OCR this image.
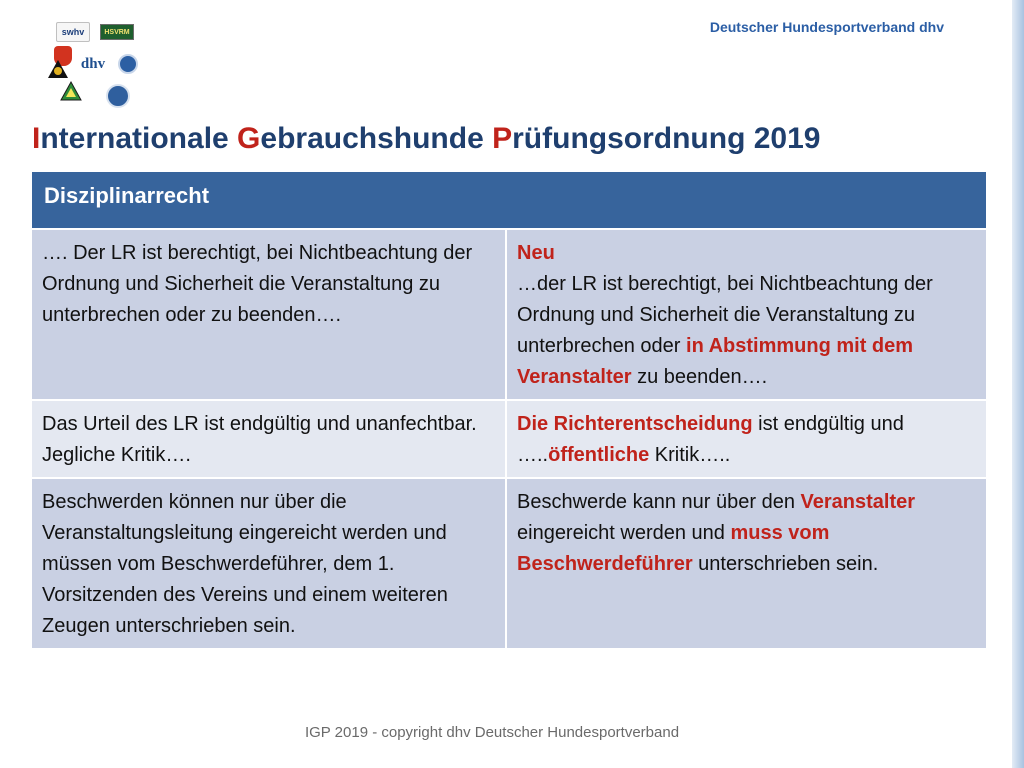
swhv	HSVRM
dhv
Deutscher Hundesportverband dhv
Internationale Gebrauchshunde Prüfungsordnung 2019
Disziplinarrecht
…. Der LR ist berechtigt, bei Nichtbeachtung der Ordnung und Sicherheit die Veranstaltung zu unterbrechen oder zu beenden….
Neu
…der LR ist berechtigt, bei Nichtbeachtung der Ordnung und Sicherheit die Veranstaltung zu unterbrechen oder in Abstimmung mit dem Veranstalter zu beenden….
Das Urteil des LR ist endgültig und unanfechtbar. Jegliche Kritik….
Die Richterentscheidung ist endgültig und …..öffentliche Kritik…..
Beschwerden können nur über die Veranstaltungsleitung eingereicht werden und müssen vom Beschwerdeführer, dem 1. Vorsitzenden des Vereins und einem weiteren Zeugen unterschrieben sein.
Beschwerde kann nur über den Veranstalter eingereicht werden und muss vom Beschwerdeführer unterschrieben sein.
IGP 2019 - copyright dhv Deutscher Hundesportverband
